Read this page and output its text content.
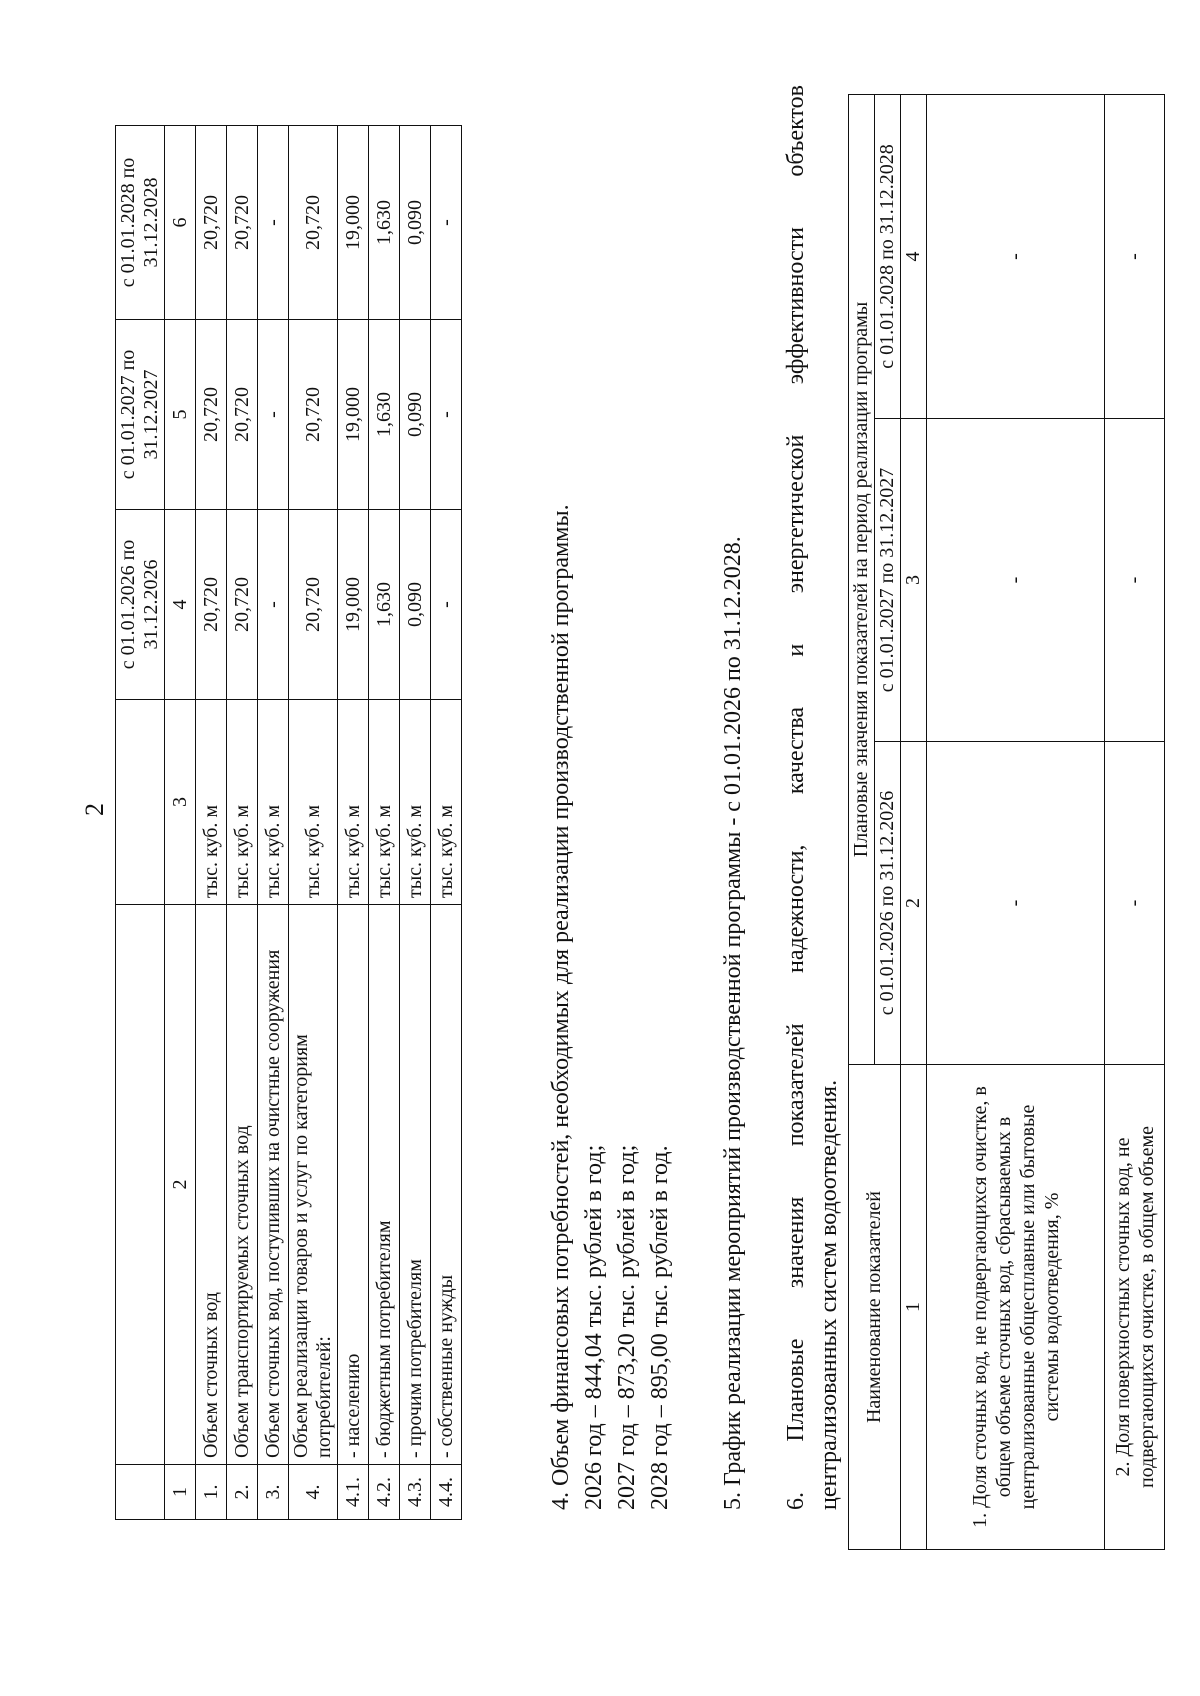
2
			с 01.01.2026 по 31.12.2026	с 01.01.2027 по 31.12.2027	с 01.01.2028 по 31.12.2028
1	2	3	4	5	6
1.	Объем сточных вод	тыс. куб. м	20,720	20,720	20,720
2.	Объем транспортируемых сточных вод	тыс. куб. м	20,720	20,720	20,720
3.	Объем сточных вод, поступивших на очистные сооружения	тыс. куб. м	-	-	-
4.	Объем реализации товаров и услуг по категориям потребителей:	тыс. куб. м	20,720	20,720	20,720
4.1.	- населению	тыс. куб. м	19,000	19,000	19,000
4.2.	- бюджетным потребителям	тыс. куб. м	1,630	1,630	1,630
4.3.	- прочим потребителям	тыс. куб. м	0,090	0,090	0,090
4.4.	- собственные нужды	тыс. куб. м	-	-	-
4. Объем финансовых потребностей, необходимых для реализации производственной программы. 2026 год – 844,04 тыс. рублей в год; 2027 год – 873,20 тыс. рублей в год; 2028 год – 895,00 тыс. рублей в год. 5. График реализации мероприятий производственной программы - с 01.01.2026 по 31.12.2028. 6.
Плановые
значения
показателей
надежности,
качества
и
энергетической
эффективности
объектов
централизованных систем водоотведения. Наименование показателей	Плановые значения показателей на период реализации програмы		
	с 01.01.2026 по 31.12.2026	с 01.01.2027 по 31.12.2027	с 01.01.2028 по 31.12.2028
1	2	3	4
1. Доля сточных вод, не подвергающихся очистке, в общем объеме сточных вод, сбрасываемых в централизованные общесплавные или бытовые системы водоотведения, %	-	-	-
2. Доля поверхностных сточных вод, не подвергающихся очистке, в общем объеме	-	-	-
